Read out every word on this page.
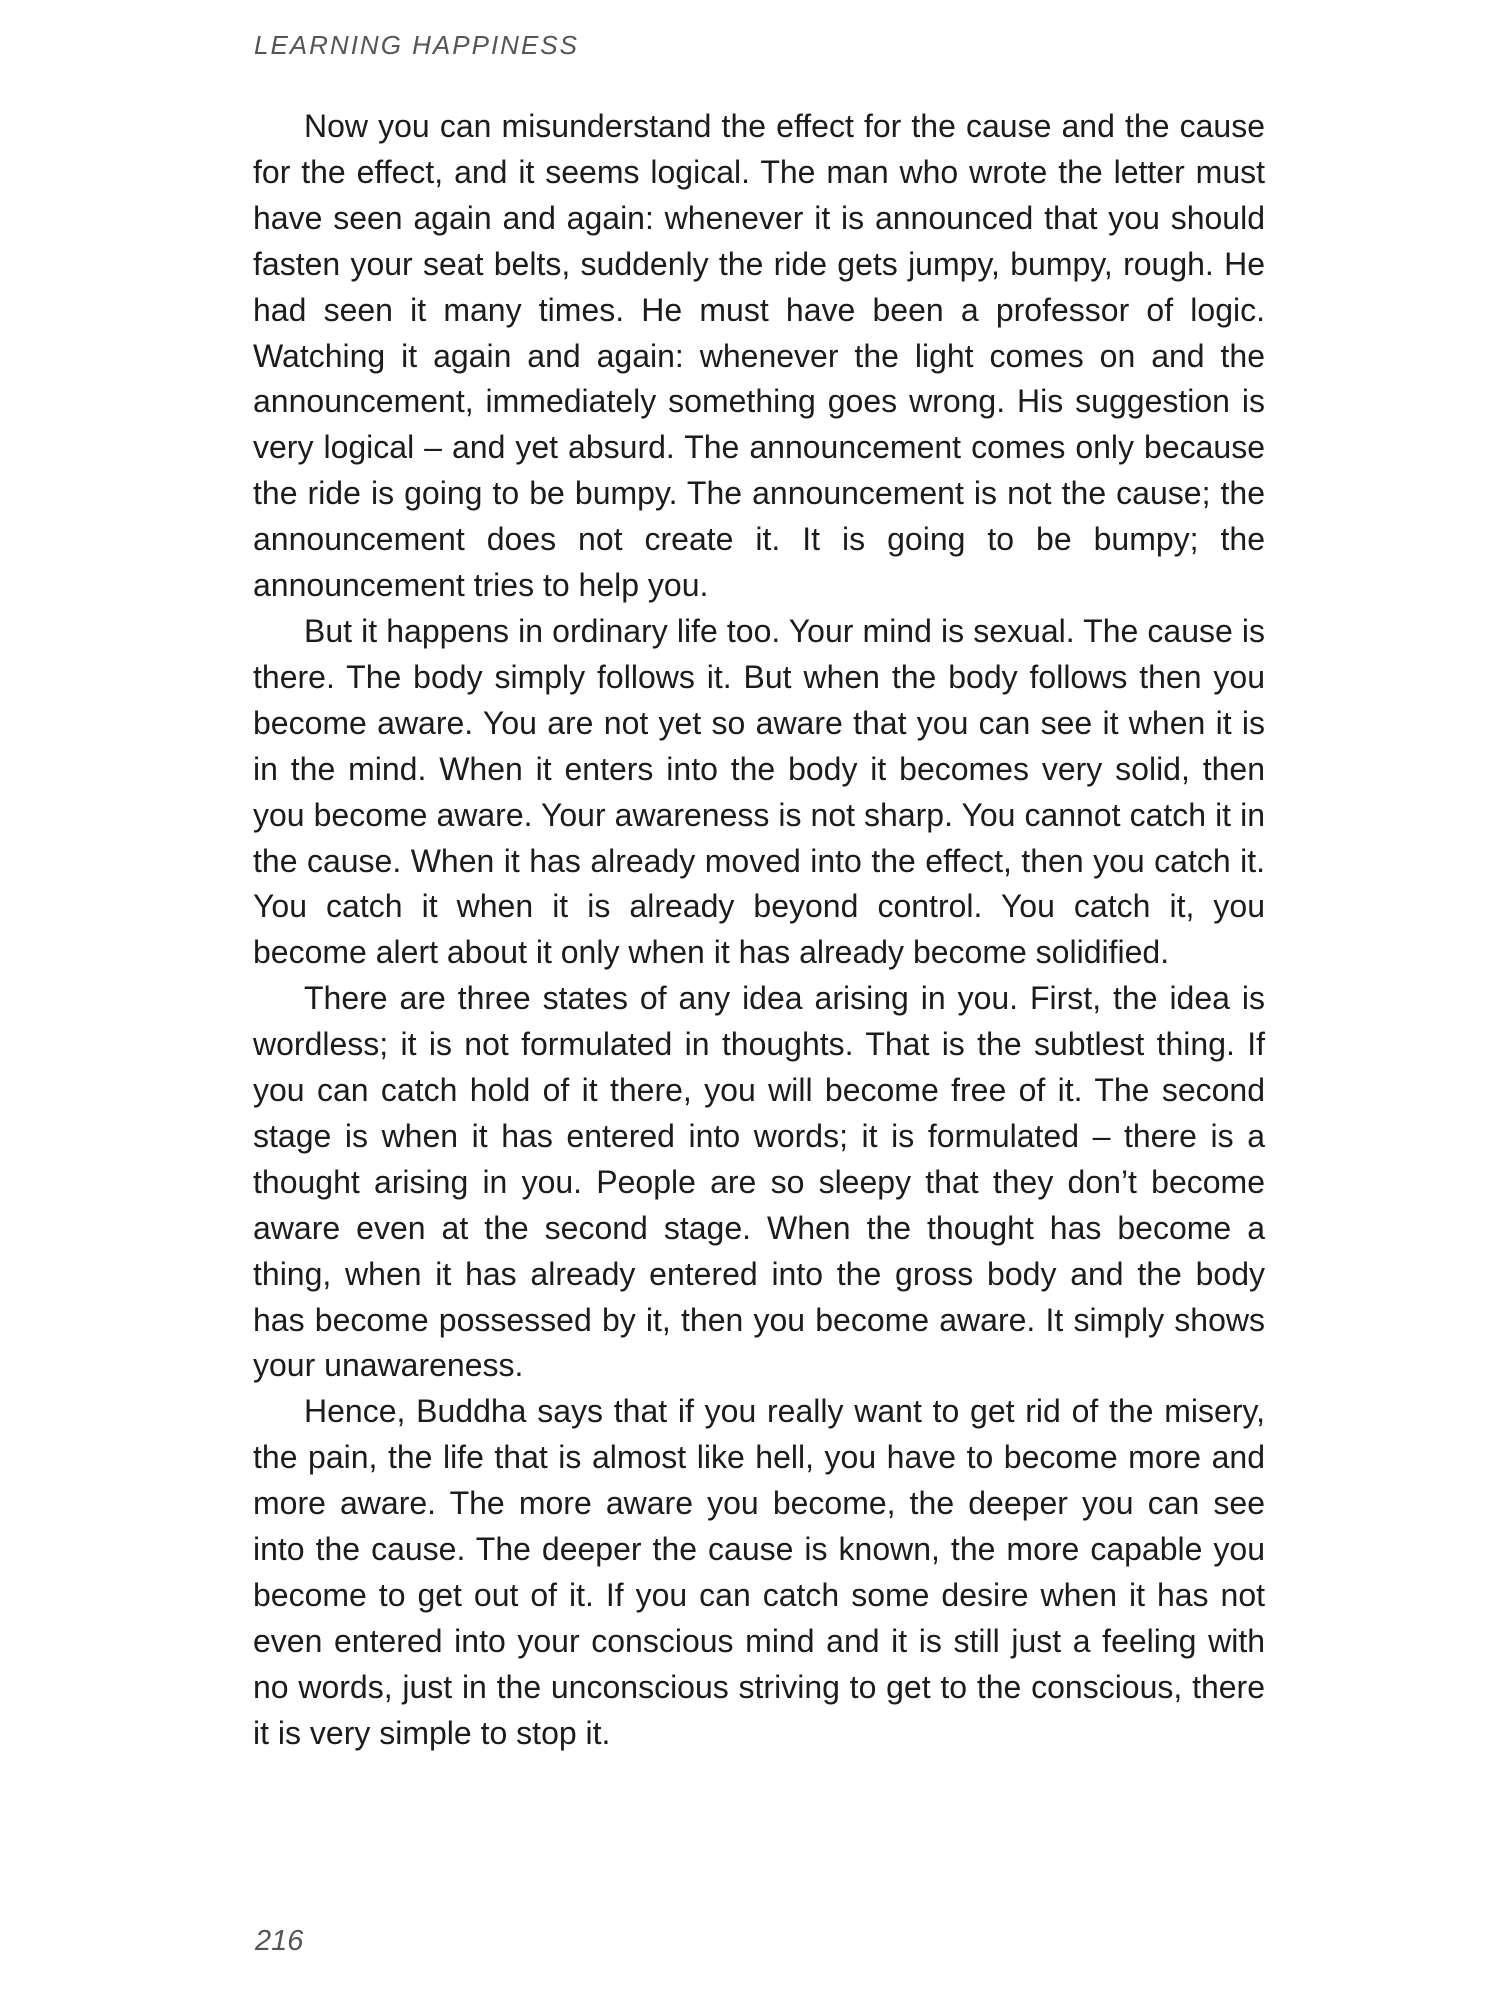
LEARNING HAPPINESS

Now you can misunderstand the effect for the cause and the cause for the effect, and it seems logical. The man who wrote the letter must have seen again and again: whenever it is announced that you should fasten your seat belts, suddenly the ride gets jumpy, bumpy, rough. He had seen it many times. He must have been a professor of logic. Watching it again and again: whenever the light comes on and the announcement, immediately something goes wrong. His suggestion is very logical – and yet absurd. The announcement comes only because the ride is going to be bumpy. The announcement is not the cause; the announcement does not create it. It is going to be bumpy; the announcement tries to help you.

But it happens in ordinary life too. Your mind is sexual. The cause is there. The body simply follows it. But when the body follows then you become aware. You are not yet so aware that you can see it when it is in the mind. When it enters into the body it becomes very solid, then you become aware. Your awareness is not sharp. You cannot catch it in the cause. When it has already moved into the effect, then you catch it. You catch it when it is already beyond control. You catch it, you become alert about it only when it has already become solidified.

There are three states of any idea arising in you. First, the idea is wordless; it is not formulated in thoughts. That is the subtlest thing. If you can catch hold of it there, you will become free of it. The second stage is when it has entered into words; it is formulated – there is a thought arising in you. People are so sleepy that they don’t become aware even at the second stage. When the thought has become a thing, when it has already entered into the gross body and the body has become possessed by it, then you become aware. It simply shows your unawareness.

Hence, Buddha says that if you really want to get rid of the misery, the pain, the life that is almost like hell, you have to become more and more aware. The more aware you become, the deeper you can see into the cause. The deeper the cause is known, the more capable you become to get out of it. If you can catch some desire when it has not even entered into your conscious mind and it is still just a feeling with no words, just in the unconscious striving to get to the conscious, there it is very simple to stop it.

216
